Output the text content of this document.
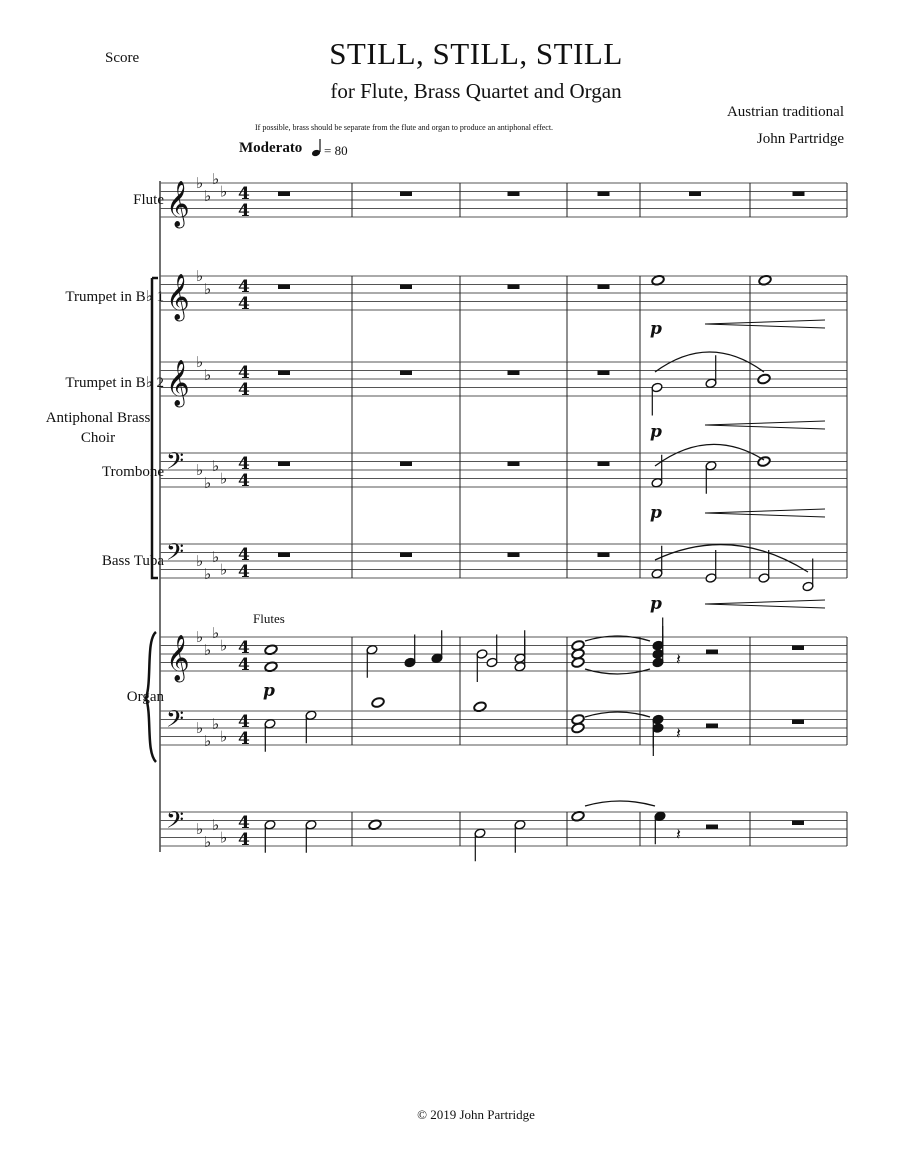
Score	STILL, STILL, STILL
for Flute, Brass Quartet and Organ
If possible, brass should be separate from the flute and organ to produce an antiphonal effect.
Austrian traditional
John Partridge
Moderato = 80
Flute
Trumpet in B♭ 1
Trumpet in B♭ 2
Antiphonal Brass Choir
Trombone
Bass Tuba
Organ
Flutes
© 2019 John Partridge
𝄞 ♭
♭
♭
♭ 4
4
𝄞 ♭
♭ 4
4
𝄞 ♭
♭ 4
4
𝄢 ♭
♭
♭
♭
4
4
𝄢 ♭
♭
♭
♭
4
4
𝄞 ♭
♭
♭
♭ 4
4
𝄢 ♭
♭
♭
♭
4
4
𝄢 ♭
♭
♭
♭
4
4
p
p
p
p
p
𝄽
𝄽
𝄽
